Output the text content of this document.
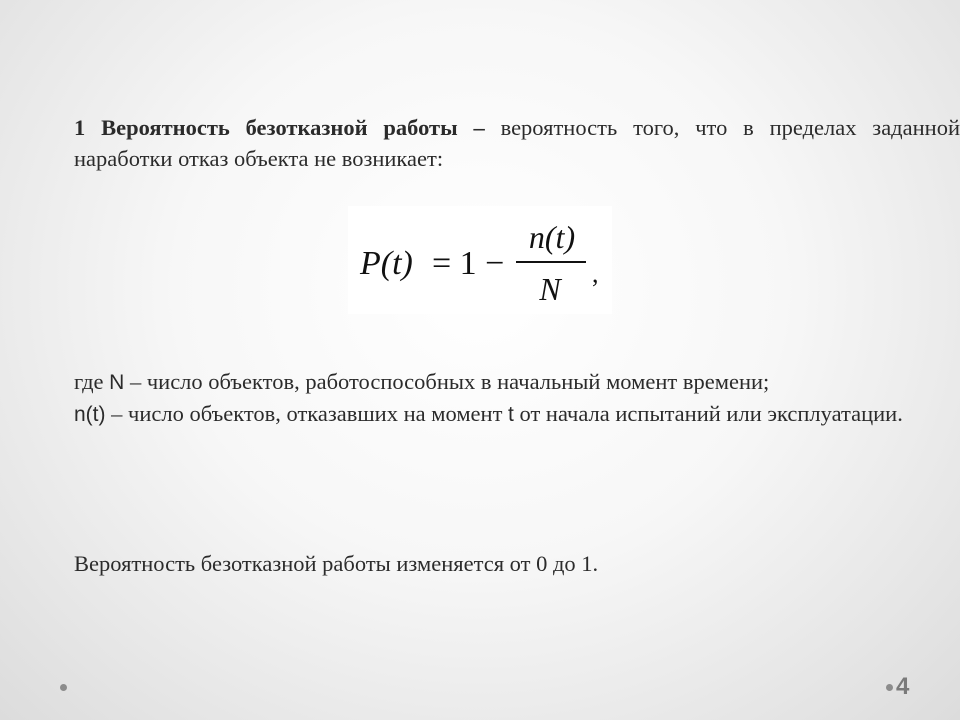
1 Вероятность безотказной работы – вероятность того, что в пределах заданной наработки отказ объекта не возникает:

P(t) = 1 −
n(t)
N ,

где N – число объектов, работоспособных в начальный момент времени;
n(t) – число объектов, отказавших на момент t от начала испытаний или эксплуатации.

Вероятность безотказной работы изменяется от 0 до 1.

4
